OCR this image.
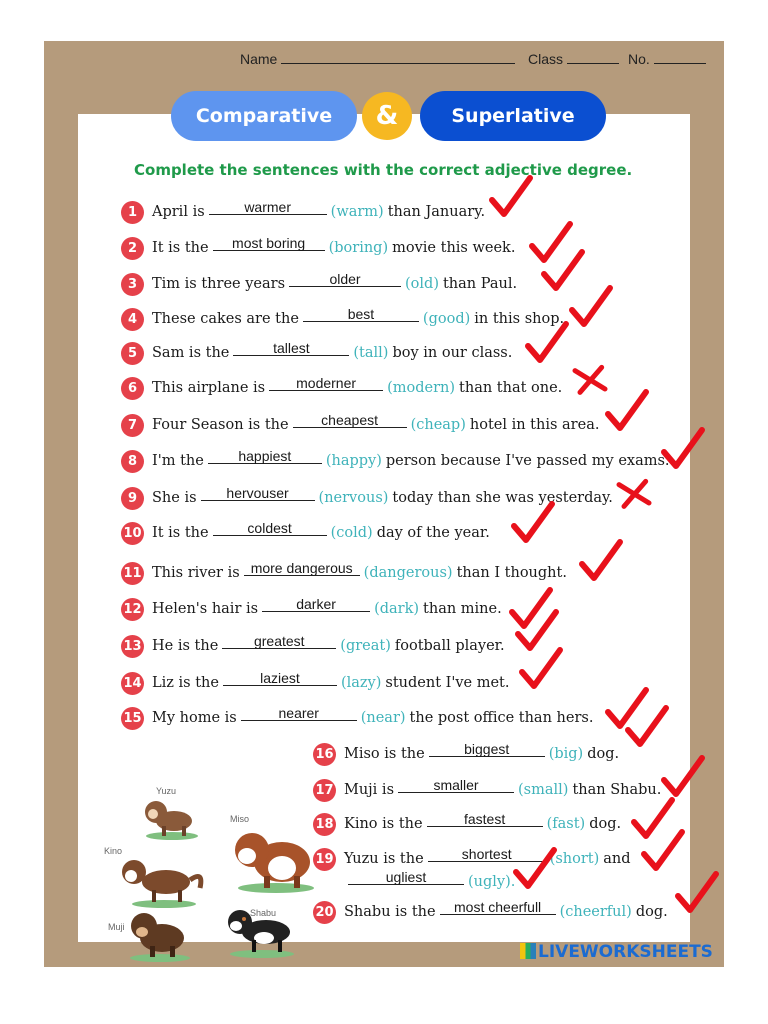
Name	Class	No.
Comparative	&	Superlative
Complete the sentences with the correct adjective degree.
Yuzu
Miso
Kino
Muji
Shabu
1	April is	warmer	(warm) than January.
2	It is the	most boring	(boring) movie this week.
3	Tim is three years	older	(old) than Paul.
4	These cakes are the	best	(good) in this shop.
5	Sam is the	tallest	(tall) boy in our class.
6	This airplane is	moderner	(modern) than that one.
7	Four Season is the	cheapest	(cheap) hotel in this area.
8	I'm the	happiest	(happy) person because I've passed my exams.
9	She is	hervouser	(nervous) today than she was yesterday.
10 It is the	coldest	(cold) day of the year.
11 This river is more dangerous (dangerous) than I thought.
12 Helen's hair is	darker	(dark) than mine.
13 He is the	greatest	(great) football player.
14 Liz is the	laziest	(lazy) student I've met.
15 My home is	nearer	(near) the post office than hers.
16 Miso is the	biggest	(big) dog.
17 Muji is	smaller	(small) than Shabu.
18 Kino is the	fastest	(fast) dog.
19 Yuzu is the	shortest	(short) and
ugliest	(ugly).
20 Shabu is the	most cheerfull	(cheerful) dog.
LIVEWORKSHEETS
